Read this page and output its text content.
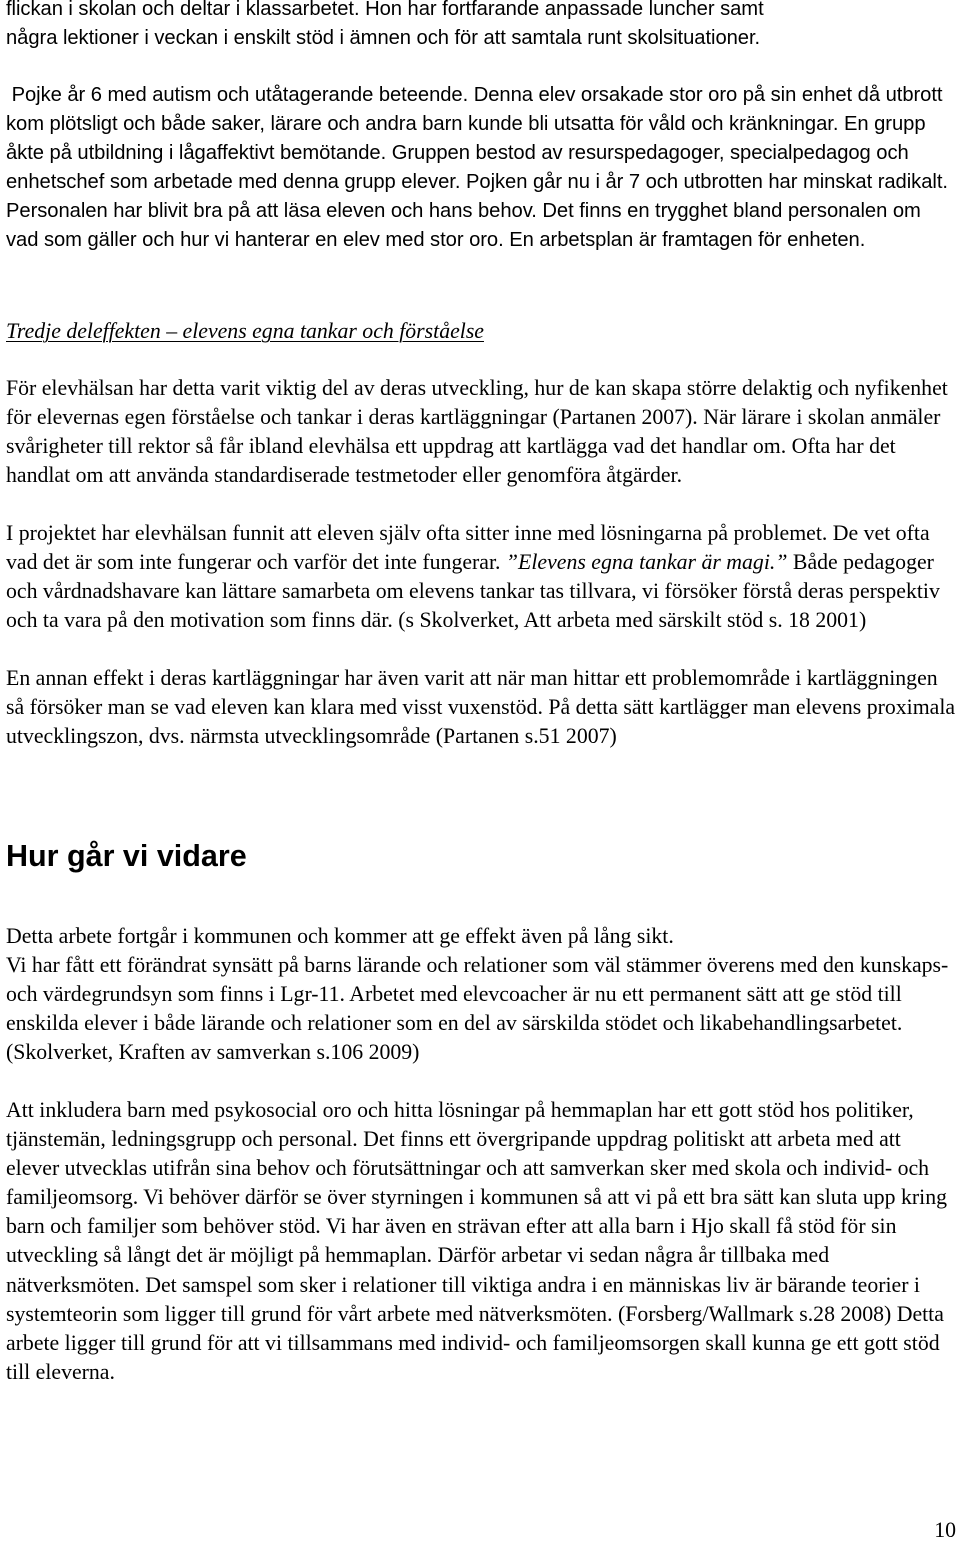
flickan i skolan och deltar i klassarbetet. Hon har fortfarande anpassade luncher samt
några lektioner i veckan i enskilt stöd i ämnen och för att samtala runt skolsituationer.

Pojke år 6 med autism och utåtagerande beteende. Denna elev orsakade stor oro på sin enhet då utbrott kom plötsligt och både saker, lärare och andra barn kunde bli utsatta för våld och kränkningar. En grupp åkte på utbildning i lågaffektivt bemötande. Gruppen bestod av resurspedagoger, specialpedagog och enhetschef som arbetade med denna grupp elever. Pojken går nu i år 7 och utbrotten har minskat radikalt. Personalen har blivit bra på att läsa eleven och hans behov. Det finns en trygghet bland personalen om vad som gäller och hur vi hanterar en elev med stor oro. En arbetsplan är framtagen för enheten.

Tredje deleffekten – elevens egna tankar och förståelse

För elevhälsan har detta varit viktig del av deras utveckling, hur de kan skapa större delaktig och nyfikenhet för elevernas egen förståelse och tankar i deras kartläggningar (Partanen 2007). När lärare i skolan anmäler svårigheter till rektor så får ibland elevhälsa ett uppdrag att kartlägga vad det handlar om. Ofta har det handlat om att använda standardiserade testmetoder eller genomföra åtgärder.

I projektet har elevhälsan funnit att eleven själv ofta sitter inne med lösningarna på problemet. De vet ofta vad det är som inte fungerar och varför det inte fungerar. ”Elevens egna tankar är magi.” Både pedagoger och vårdnadshavare kan lättare samarbeta om elevens tankar tas tillvara, vi försöker förstå deras perspektiv och ta vara på den motivation som finns där. (s Skolverket, Att arbeta med särskilt stöd s. 18 2001)

En annan effekt i deras kartläggningar har även varit att när man hittar ett problemområde i kartläggningen så försöker man se vad eleven kan klara med visst vuxenstöd. På detta sätt kartlägger man elevens proximala utvecklingszon, dvs. närmsta utvecklingsområde (Partanen s.51 2007)

Hur går vi vidare

Detta arbete fortgår i kommunen och kommer att ge effekt även på lång sikt.
Vi har fått ett förändrat synsätt på barns lärande och relationer som väl stämmer överens med den kunskaps- och värdegrundsyn som finns i Lgr-11. Arbetet med elevcoacher är nu ett permanent sätt att ge stöd till enskilda elever i både lärande och relationer som en del av särskilda stödet och likabehandlingsarbetet. (Skolverket, Kraften av samverkan s.106 2009)

Att inkludera barn med psykosocial oro och hitta lösningar på hemmaplan har ett gott stöd hos politiker, tjänstemän, ledningsgrupp och personal. Det finns ett övergripande uppdrag politiskt att arbeta med att elever utvecklas utifrån sina behov och förutsättningar och att samverkan sker med skola och individ- och familjeomsorg. Vi behöver därför se över styrningen i kommunen så att vi på ett bra sätt kan sluta upp kring barn och familjer som behöver stöd. Vi har även en strävan efter att alla barn i Hjo skall få stöd för sin utveckling så långt det är möjligt på hemmaplan. Därför arbetar vi sedan några år tillbaka med nätverksmöten. Det samspel som sker i relationer till viktiga andra i en människas liv är bärande teorier i systemteorin som ligger till grund för vårt arbete med nätverksmöten. (Forsberg/Wallmark s.28 2008) Detta arbete ligger till grund för att vi tillsammans med individ- och familjeomsorgen skall kunna ge ett gott stöd till eleverna.

10
